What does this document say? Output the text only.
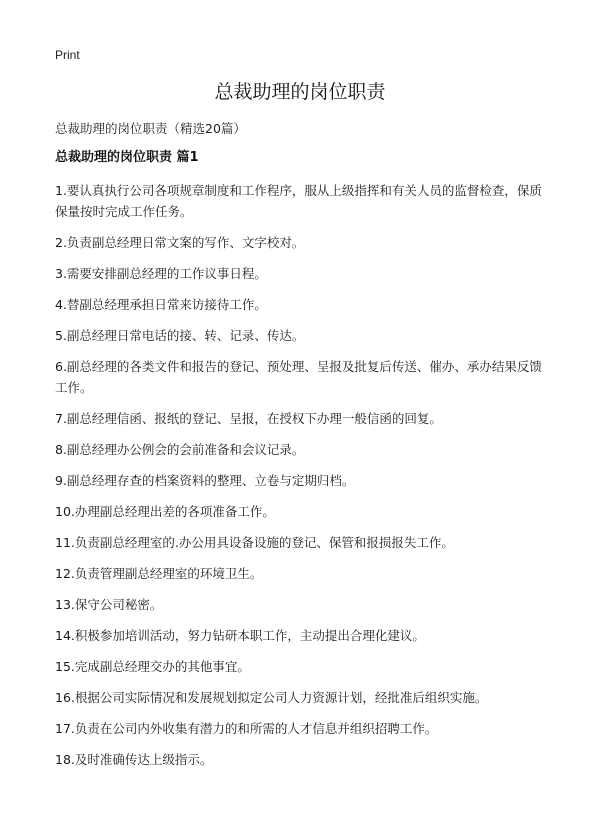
Print
总裁助理的岗位职责
总裁助理的岗位职责（精选20篇）
总裁助理的岗位职责 篇1
1.要认真执行公司各项规章制度和工作程序，服从上级指挥和有关人员的监督检查，保质保量按时完成工作任务。
2.负责副总经理日常文案的写作、文字校对。
3.需要安排副总经理的工作议事日程。
4.替副总经理承担日常来访接待工作。
5.副总经理日常电话的接、转、记录、传达。
6.副总经理的各类文件和报告的登记、预处理、呈报及批复后传送、催办、承办结果反馈工作。
7.副总经理信函、报纸的登记、呈报，在授权下办理一般信函的回复。
8.副总经理办公例会的会前准备和会议记录。
9.副总经理存查的档案资料的整理、立卷与定期归档。
10.办理副总经理出差的各项准备工作。
11.负责副总经理室的.办公用具设备设施的登记、保管和报损报失工作。
12.负责管理副总经理室的环境卫生。
13.保守公司秘密。
14.积极参加培训活动，努力钻研本职工作，主动提出合理化建议。
15.完成副总经理交办的其他事宜。
16.根据公司实际情况和发展规划拟定公司人力资源计划，经批准后组织实施。
17.负责在公司内外收集有潜力的和所需的人才信息并组织招聘工作。
18.及时准确传达上级指示。
